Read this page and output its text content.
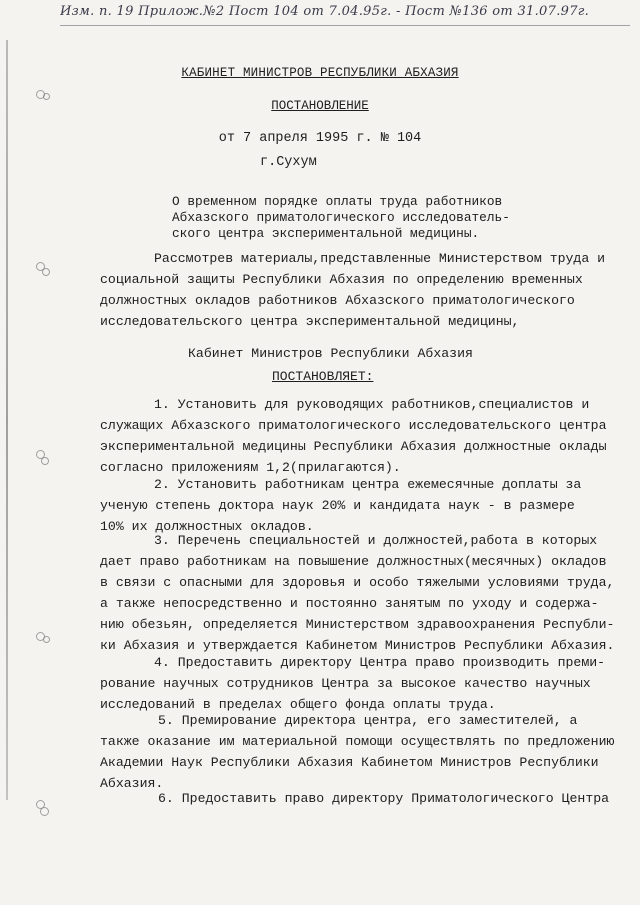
Изм. п. 19 Прилож.№2 Пост 104 от 7.04.95г. - Пост №136 от 31.07.97г.
КАБИНЕТ МИНИСТРОВ РЕСПУБЛИКИ АБХАЗИЯ
ПОСТАНОВЛЕНИЕ
от 7 апреля 1995 г. № 104
г.Сухум
О временном порядке оплаты труда работников
Абхазского приматологического исследователь-
ского центра экспериментальной медицины.
Рассмотрев материалы,представленные Министерством труда и
социальной защиты Республики Абхазия по определению временных
должностных окладов работников Абхазского приматологического
исследовательского центра экспериментальной медицины,
Кабинет Министров Республики Абхазия
ПОСТАНОВЛЯЕТ:
1. Установить для руководящих работников,специалистов и
служащих Абхазского приматологического исследовательского центра
экспериментальной медицины Республики Абхазия должностные оклады
согласно приложениям 1,2(прилагаются).
2. Установить работникам центра ежемесячные доплаты за
ученую степень доктора наук 20% и кандидата наук - в размере
10% их должностных окладов.
3. Перечень специальностей и должностей,работа в которых
дает право работникам на повышение должностных(месячных) окладов
в связи с опасными для здоровья и особо тяжелыми условиями труда,
а также непосредственно и постоянно занятым по уходу и содержа-
нию обезьян, определяется Министерством здравоохранения Республи-
ки Абхазия и утверждается Кабинетом Министров Республики Абхазия.
4. Предоставить директору Центра право производить преми-
рование научных сотрудников Центра за высокое качество научных
исследований в пределах общего фонда оплаты труда.
5. Премирование директора центра, его заместителей, а
также оказание им материальной помощи осуществлять по предложению
Академии Наук Республики Абхазия Кабинетом Министров Республики
Абхазия.
6. Предоставить право директору Приматологического Центра
